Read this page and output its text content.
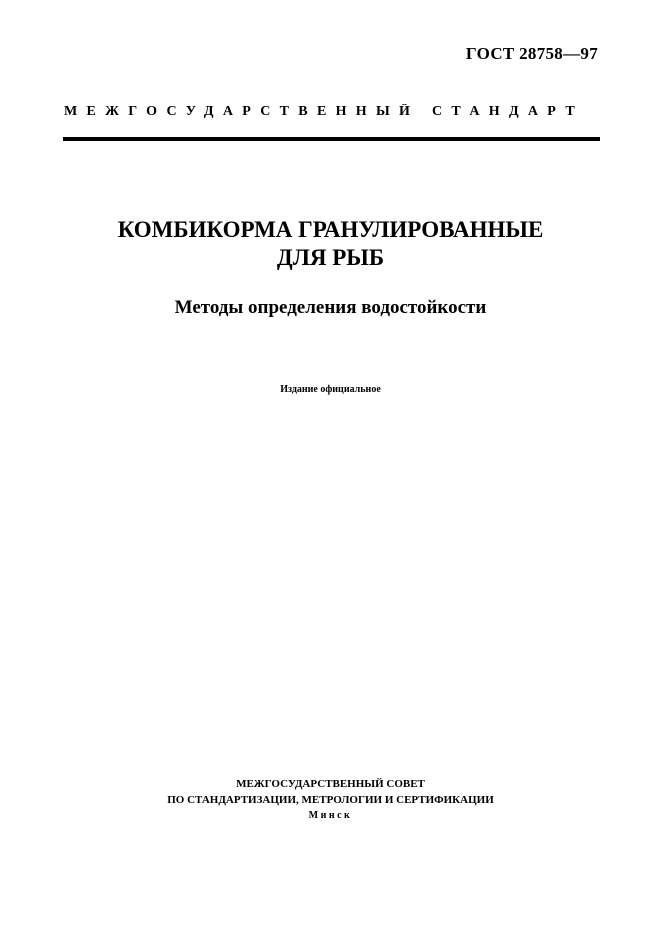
ГОСТ 28758—97
МЕЖГОСУДАРСТВЕННЫЙ СТАНДАРТ
КОМБИКОРМА ГРАНУЛИРОВАННЫЕ
ДЛЯ РЫБ
Методы определения водостойкости
Издание официальное
МЕЖГОСУДАРСТВЕННЫЙ СОВЕТ
ПО СТАНДАРТИЗАЦИИ, МЕТРОЛОГИИ И СЕРТИФИКАЦИИ
Минск
